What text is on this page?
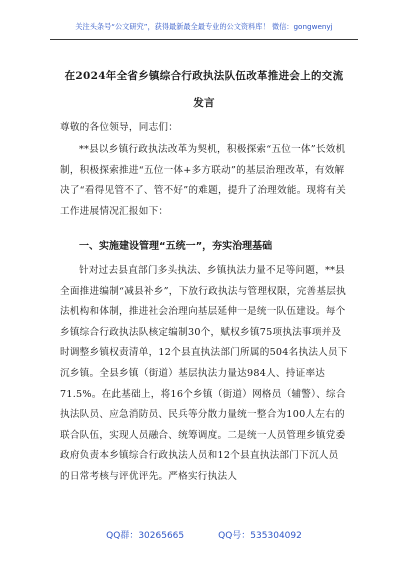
关注头条号“公文研究”，获得最新最全最专业的公文资料库！ 微信：gongwenyj
在2024年全省乡镇综合行政执法队伍改革推进会上的交流
发言
尊敬的各位领导，同志们：
**县以乡镇行政执法改革为契机，积极探索“五位一体”长效机制，积极探索推进“五位一体+多方联动”的基层治理改革，有效解决了“看得见管不了、管不好”的难题，提升了治理效能。现将有关工作进展情况汇报如下：
一、实施建设管理“五统一”，夯实治理基础
针对过去县直部门多头执法、乡镇执法力量不足等问题，**县全面推进编制“减县补乡”，下放行政执法与管理权限，完善基层执法机构和体制，推进社会治理向基层延伸一是统一队伍建设。每个乡镇综合行政执法队核定编制30个，赋权乡镇75项执法事项并及时调整乡镇权责清单，12个县直执法部门所属的504名执法人员下沉乡镇。全县乡镇（街道）基层执法力量达984人、持证率达71.5%。在此基础上，将16个乡镇（街道）网格员（辅警）、综合执法队员、应急消防员、民兵等分散力量统一整合为100人左右的联合队伍，实现人员融合、统筹调度。二是统一人员管理乡镇党委政府负责本乡镇综合行政执法人员和12个县直执法部门下沉人员的日常考核与评优评先。严格实行执法人
QQ群：30265665	QQ号：535304092
